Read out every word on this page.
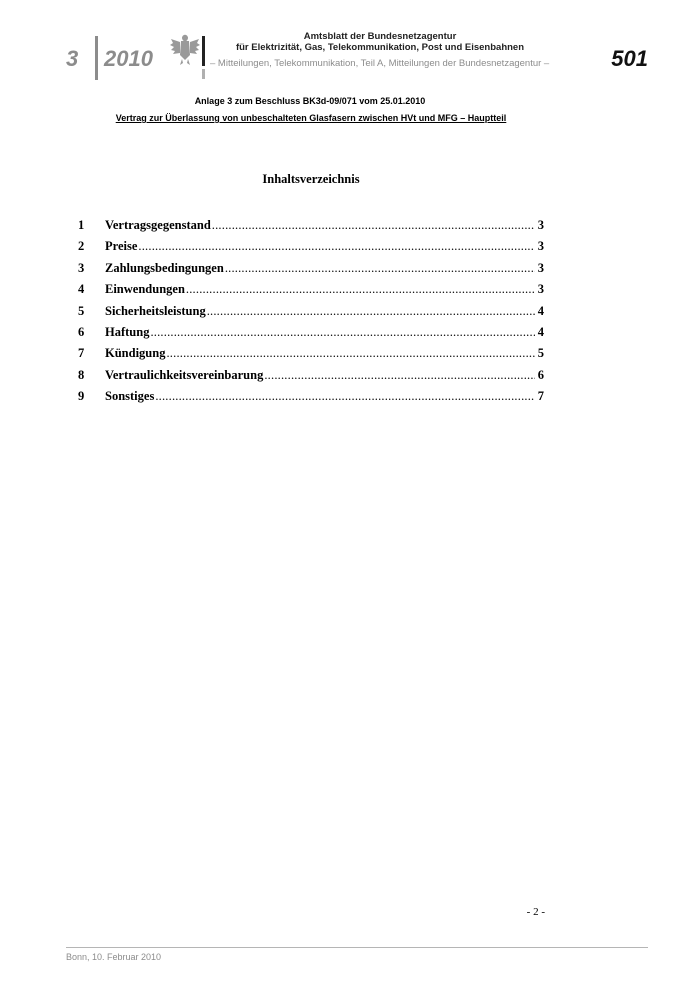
3 2010
Amtsblatt der Bundesnetzagentur
für Elektrizität, Gas, Telekommunikation, Post und Eisenbahnen
– Mitteilungen, Telekommunikation, Teil A, Mitteilungen der Bundesnetzagentur –	501
Anlage 3 zum Beschluss BK3d-09/071 vom 25.01.2010
Vertrag zur Überlassung von unbeschalteten Glasfasern zwischen HVt und MFG – Hauptteil
Inhaltsverzeichnis
1	Vertragsgegenstand .....	3
2	Preise .....	3
3	Zahlungsbedingungen .....	3
4	Einwendungen .....	3
5	Sicherheitsleistung .....	4
6	Haftung .....	4
7	Kündigung .....	5
8	Vertraulichkeitsvereinbarung .....	6
9	Sonstiges .....	7
- 2 -
Bonn, 10. Februar 2010
